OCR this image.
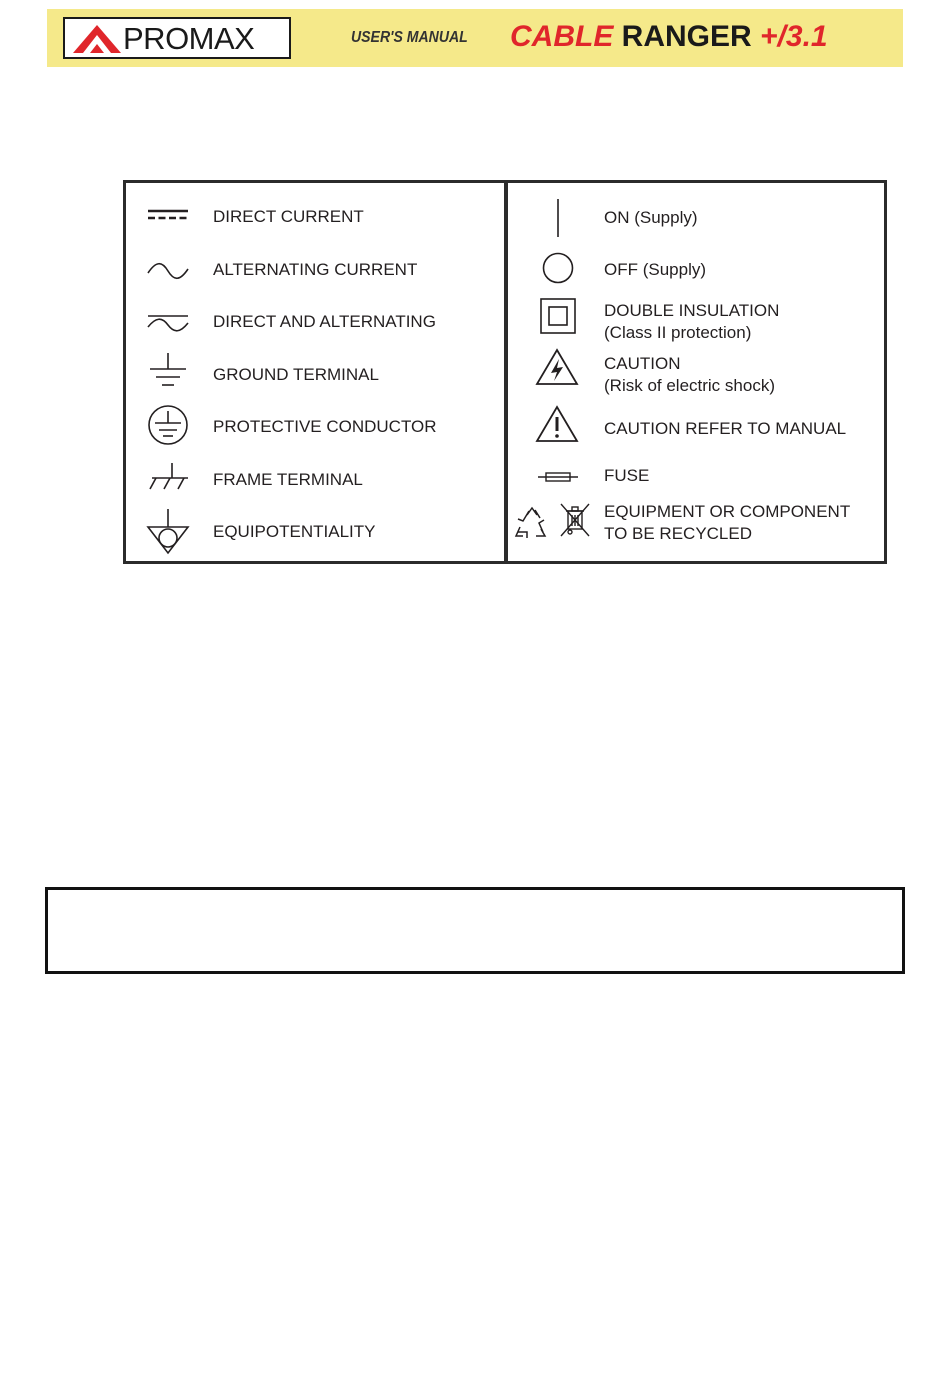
PROMAX	USER'S MANUAL CABLE RANGER +/3.1
DIRECT CURRENT
ALTERNATING CURRENT
DIRECT AND ALTERNATING
GROUND TERMINAL
PROTECTIVE CONDUCTOR
FRAME TERMINAL
EQUIPOTENTIALITY
ON (Supply)
OFF (Supply)
DOUBLE INSULATION
(Class II protection)
CAUTION
(Risk of electric shock)
CAUTION REFER TO MANUAL
FUSE
EQUIPMENT OR COMPONENT
TO BE RECYCLED
